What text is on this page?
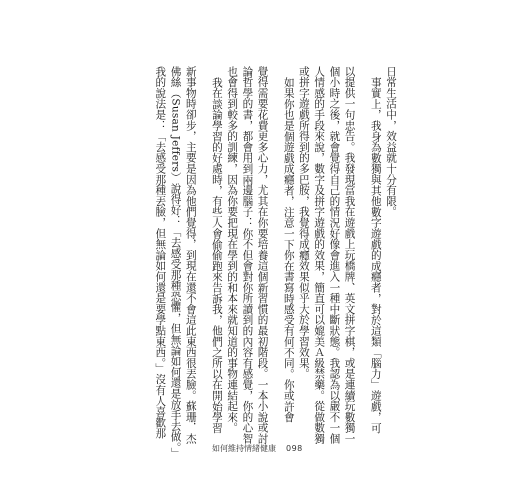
日常生活中，效益就十分有限。
事實上，我身為數獨與其他數字遊戲的成癮者，對於這類「腦力」遊戲，可
以提供一句忠告。我發現當我在遊戲上玩橋牌、英文拼字棋，或是連續玩數獨一
個小時之後，就會覺得自己的情況好像會進入一種中斷狀態。我認為以嚴不一個
人情感的手段來說，數字及拼字遊戲的效果，簡直可以媲美Ａ級禁藥。從做數獨
或拼字遊戲所得到的多巴胺，我覺得成癮效果似乎大於學習效果。
如果你也是個遊戲成癮者，注意一下你在書寫時感受有何不同。你或許會
覺得需要花費更多心力，尤其在你要培養這個新習慣的最初階段。一本小說或討
論哲學的書，都會用到兩邊腦子：你不但會對你所讀到的內容有感覺，你的心智
也會得到較多的訓練，因為你要把現在學到的和本來就知道的事物連結起來。
我在談論學習的好處時，有些人會偷偷跑來告訴我，他們之所以在開始學習
新事物時卻步，主要是因為他們覺得，到現在還不會這此東西很丟臉。蘇珊．杰
佛絲（Susan Jeffers）說得好：「去感受那種恐懼，但無論如何還是放手去做。」
我的說法是：「去感受那種丟臉，但無論如何還是要學點東西。」沒有人喜歡那
如何維持情緒健康 098
